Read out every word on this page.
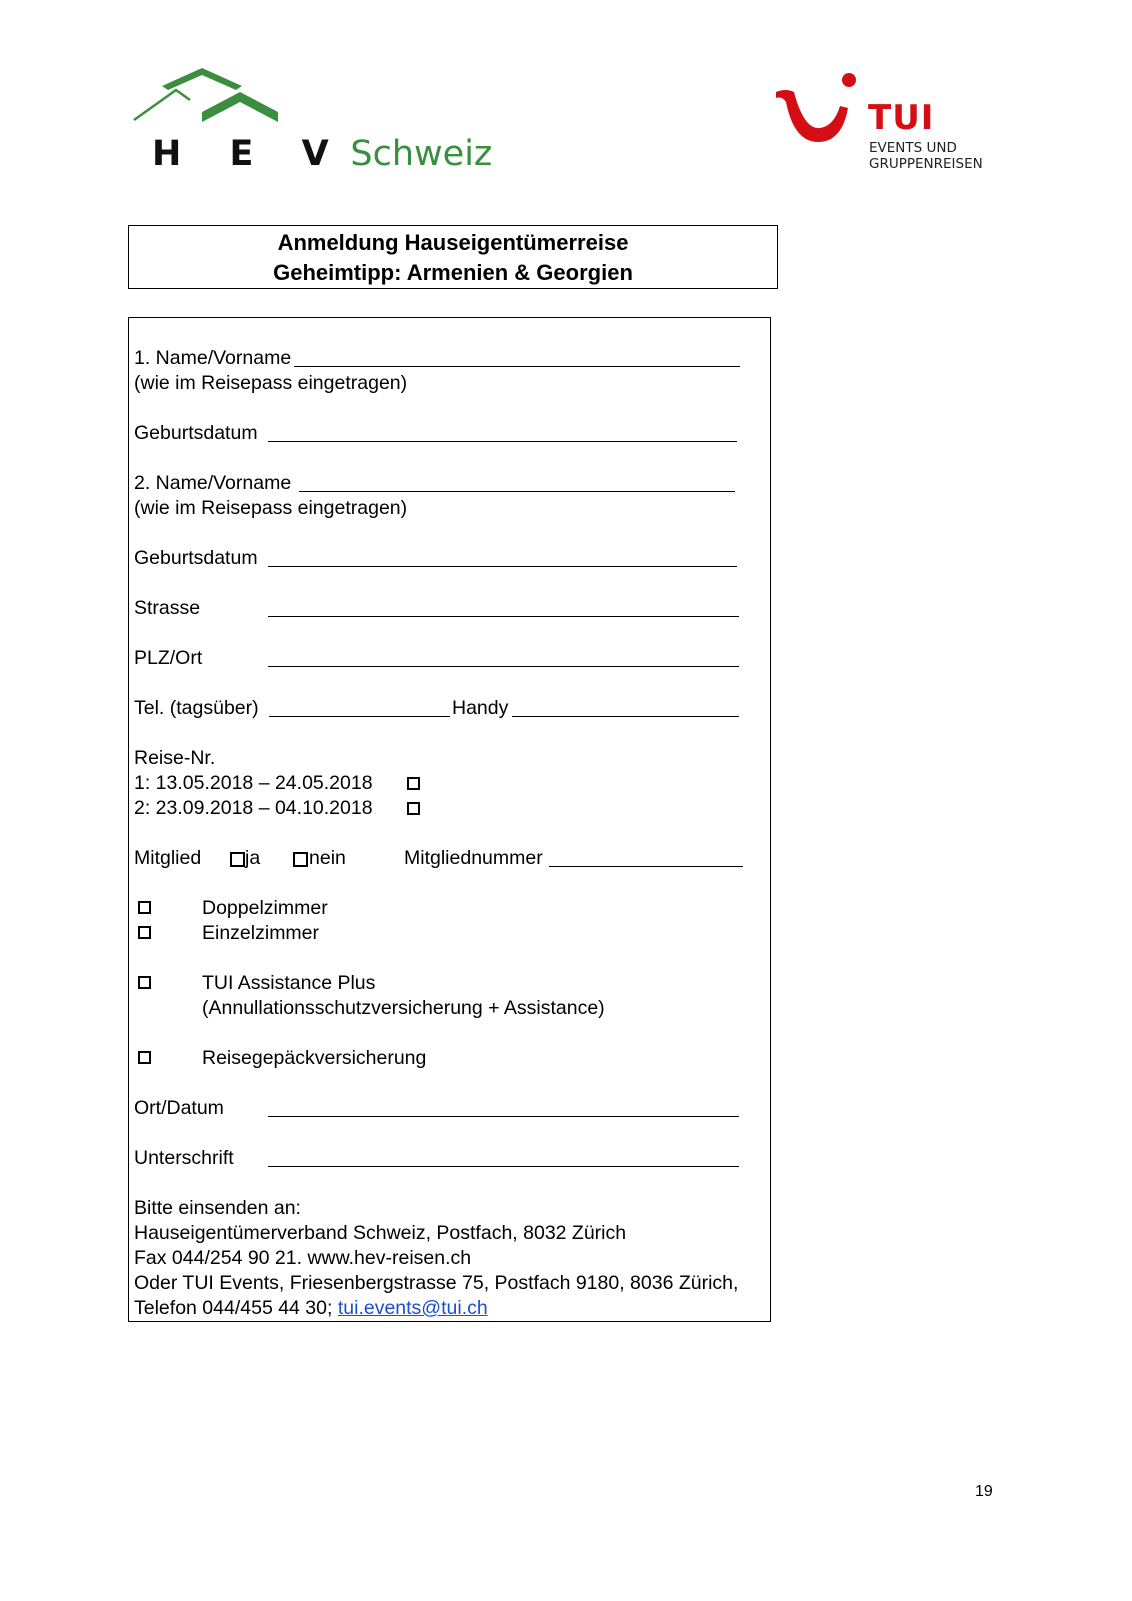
H E V Schweiz
TUI
EVENTS UND
GRUPPENREISEN
Anmeldung Hauseigentümerreise
Geheimtipp: Armenien & Georgien
1. Name/Vorname
(wie im Reisepass eingetragen)
Geburtsdatum
2. Name/Vorname
(wie im Reisepass eingetragen)
Geburtsdatum
Strasse
PLZ/Ort
Tel. (tagsüber)	Handy
Reise-Nr.
1: 13.05.2018 – 24.05.2018
2: 23.09.2018 – 04.10.2018
Mitglied ja	nein	Mitgliednummer
Doppelzimmer
Einzelzimmer
TUI Assistance Plus
(Annullationsschutzversicherung + Assistance)
Reisegepäckversicherung
Ort/Datum
Unterschrift
Bitte einsenden an:
Hauseigentümerverband Schweiz, Postfach, 8032 Zürich
Fax 044/254 90 21. www.hev-reisen.ch
Oder TUI Events, Friesenbergstrasse 75, Postfach 9180, 8036 Zürich,
Telefon 044/455 44 30; tui.events@tui.ch
19
